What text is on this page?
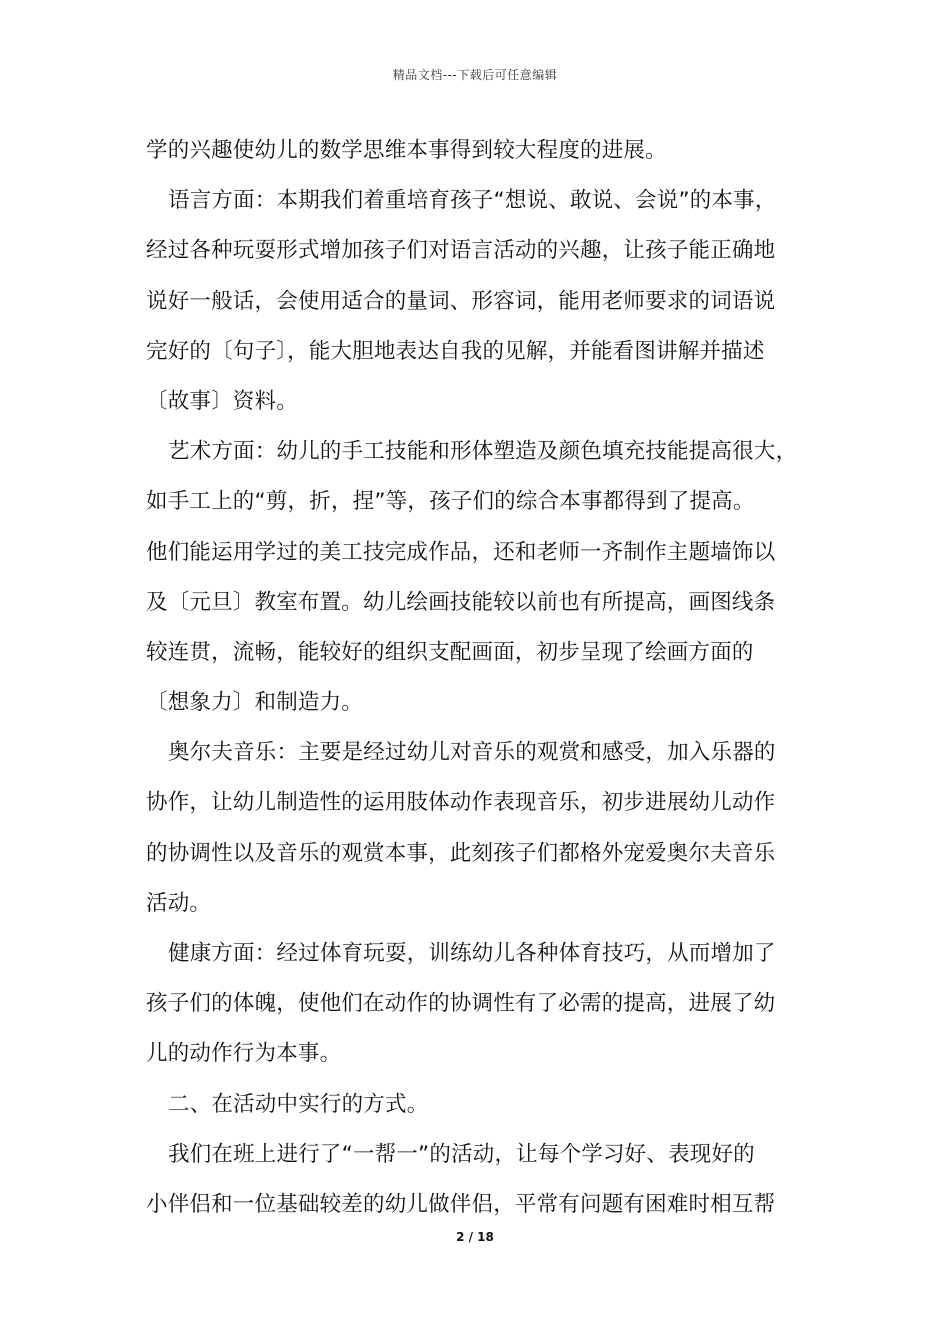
精品文档---下载后可任意编辑
学的兴趣使幼儿的数学思维本事得到较大程度的进展。
语言方面：本期我们着重培育孩子“想说、敢说、会说”的本事，
经过各种玩耍形式增加孩子们对语言活动的兴趣，让孩子能正确地
说好一般话，会使用适合的量词、形容词，能用老师要求的词语说
完好的〔句子〕，能大胆地表达自我的见解，并能看图讲解并描述
〔故事〕资料。
艺术方面：幼儿的手工技能和形体塑造及颜色填充技能提高很大，
如手工上的“剪，折，捏”等，孩子们的综合本事都得到了提高。
他们能运用学过的美工技完成作品，还和老师一齐制作主题墙饰以
及〔元旦〕教室布置。幼儿绘画技能较以前也有所提高，画图线条
较连贯，流畅，能较好的组织支配画面，初步呈现了绘画方面的
〔想象力〕和制造力。
奥尔夫音乐：主要是经过幼儿对音乐的观赏和感受，加入乐器的
协作，让幼儿制造性的运用肢体动作表现音乐，初步进展幼儿动作
的协调性以及音乐的观赏本事，此刻孩子们都格外宠爱奥尔夫音乐
活动。
健康方面：经过体育玩耍，训练幼儿各种体育技巧，从而增加了
孩子们的体魄，使他们在动作的协调性有了必需的提高，进展了幼
儿的动作行为本事。
二、在活动中实行的方式。
我们在班上进行了“一帮一”的活动，让每个学习好、表现好的
小伴侣和一位基础较差的幼儿做伴侣，平常有问题有困难时相互帮
2 / 18
